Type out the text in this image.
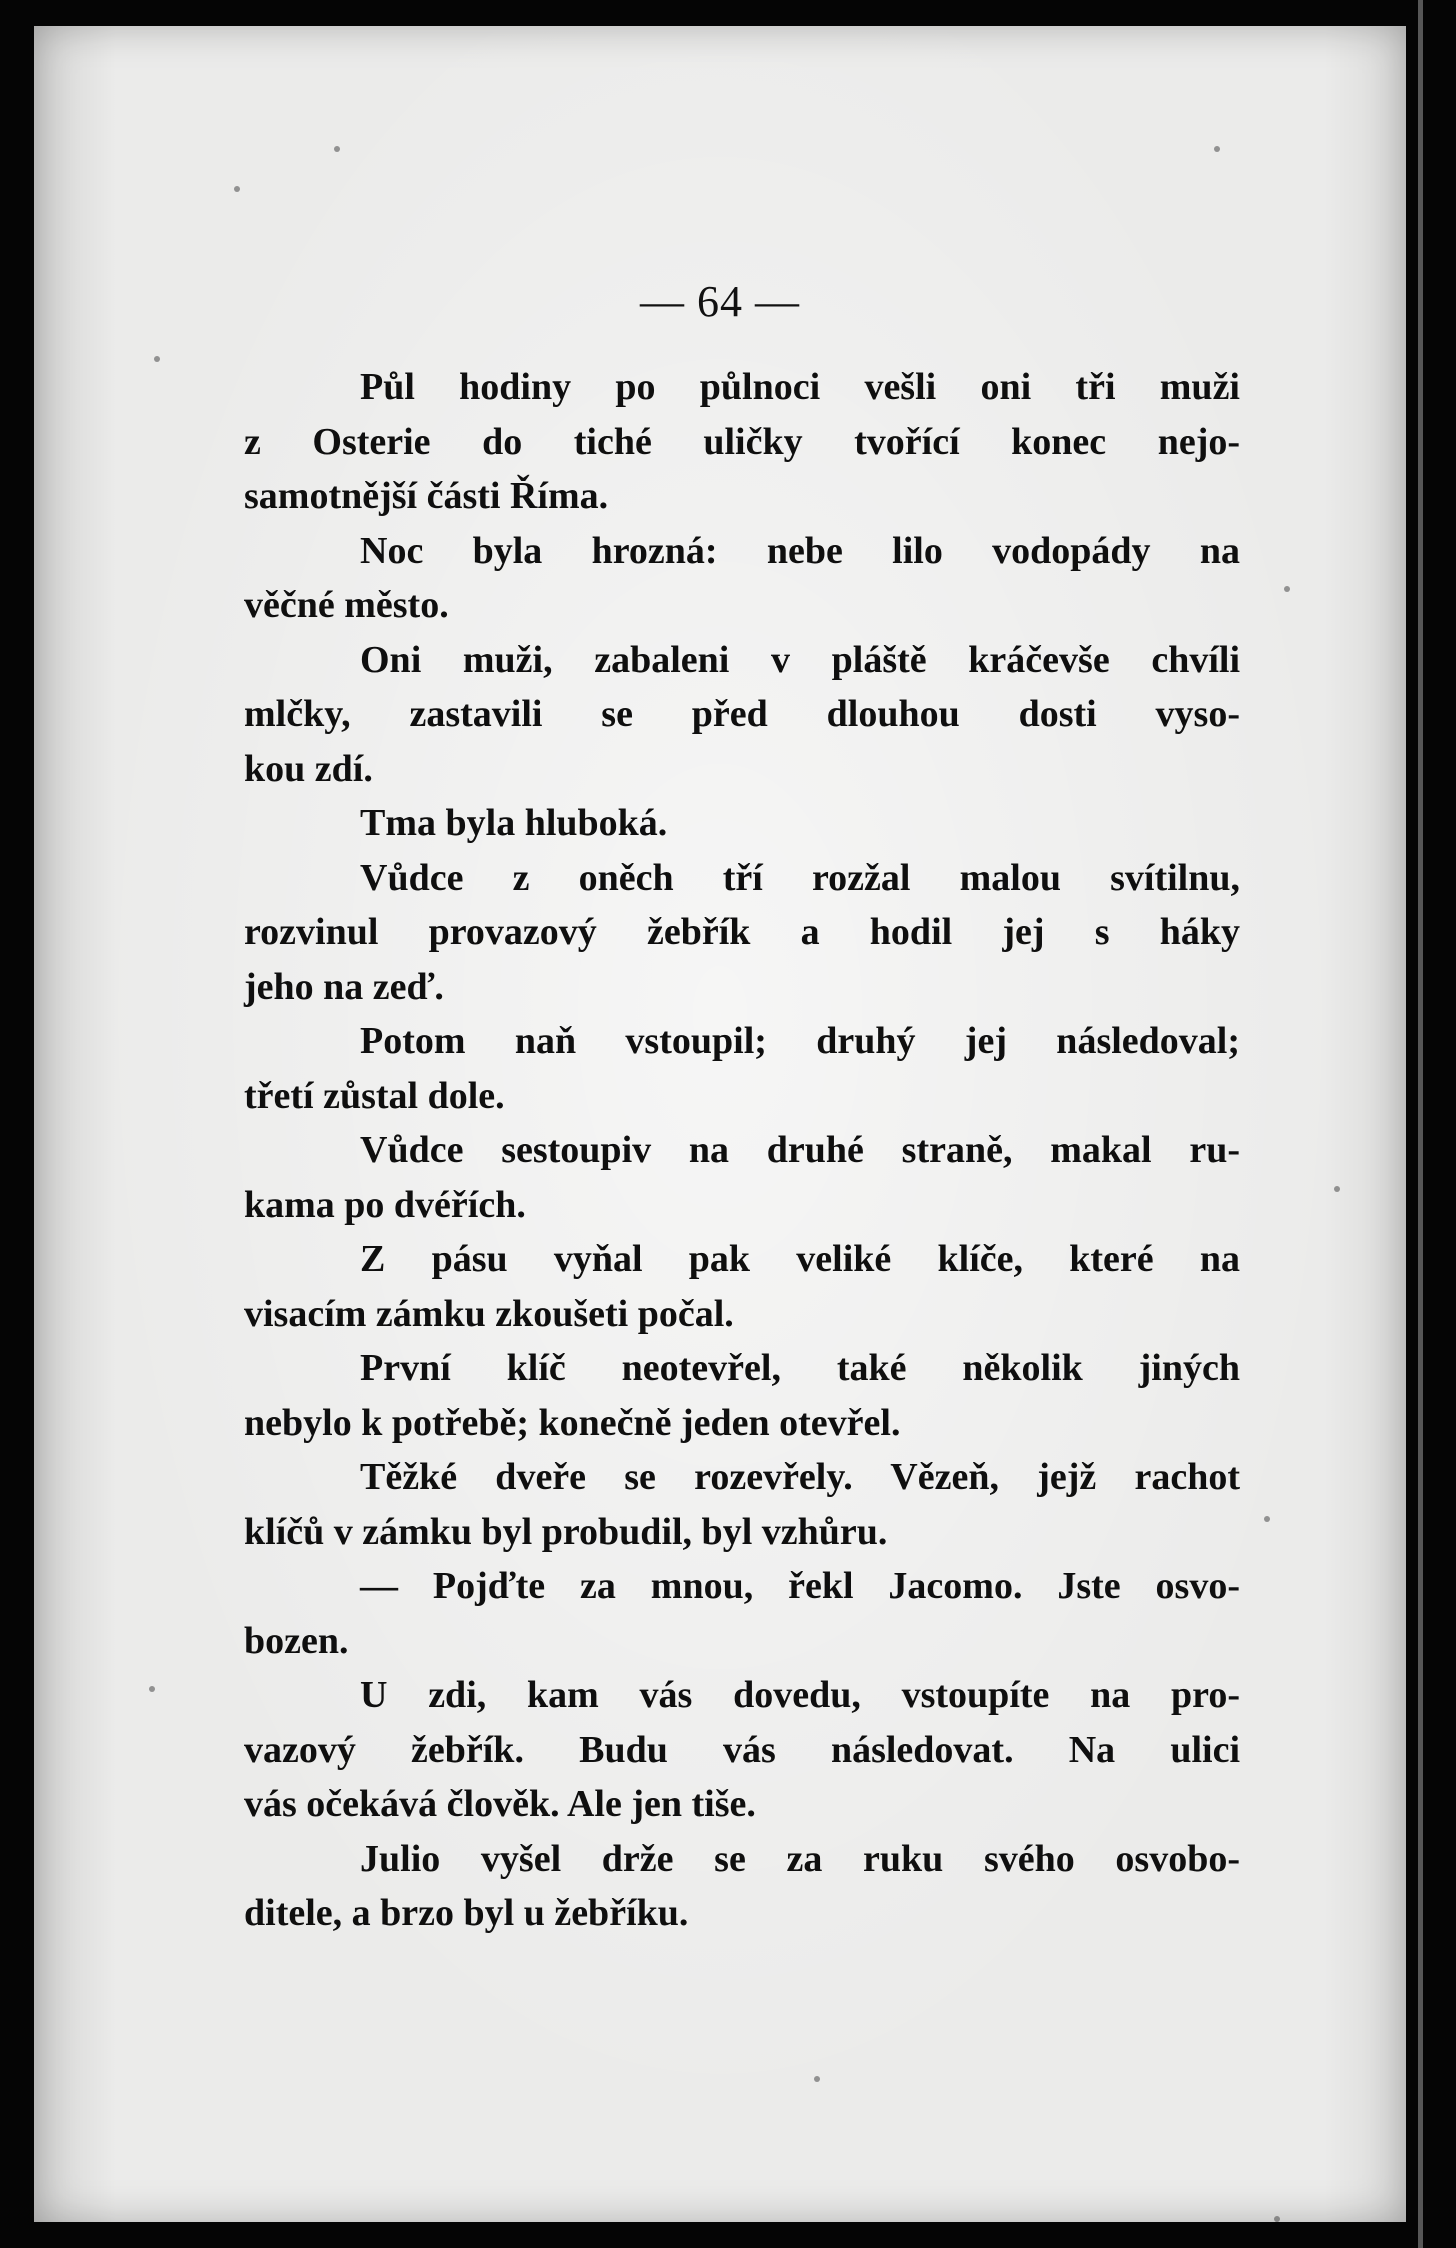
— 64 —
Půl hodiny po půlnoci vešli oni tři muži
z Osterie do tiché uličky tvořící konec nejo-
samotnější části Říma.
Noc byla hrozná: nebe lilo vodopády na
věčné město.
Oni muži, zabaleni v pláště kráčevše chvíli
mlčky, zastavili se před dlouhou dosti vyso-
kou zdí.
Tma byla hluboká.
Vůdce z oněch tří rozžal malou svítilnu,
rozvinul provazový žebřík a hodil jej s háky
jeho na zeď.
Potom naň vstoupil; druhý jej následoval;
třetí zůstal dole.
Vůdce sestoupiv na druhé straně, makal ru-
kama po dvéřích.
Z pásu vyňal pak veliké klíče, které na
visacím zámku zkoušeti počal.
První klíč neotevřel, také několik jiných
nebylo k potřebě; konečně jeden otevřel.
Těžké dveře se rozevřely. Vězeň, jejž rachot
klíčů v zámku byl probudil, byl vzhůru.
— Pojďte za mnou, řekl Jacomo. Jste osvo-
bozen.
U zdi, kam vás dovedu, vstoupíte na pro-
vazový žebřík. Budu vás následovat. Na ulici
vás očekává člověk. Ale jen tiše.
Julio vyšel drže se za ruku svého osvobo-
ditele, a brzo byl u žebříku.
